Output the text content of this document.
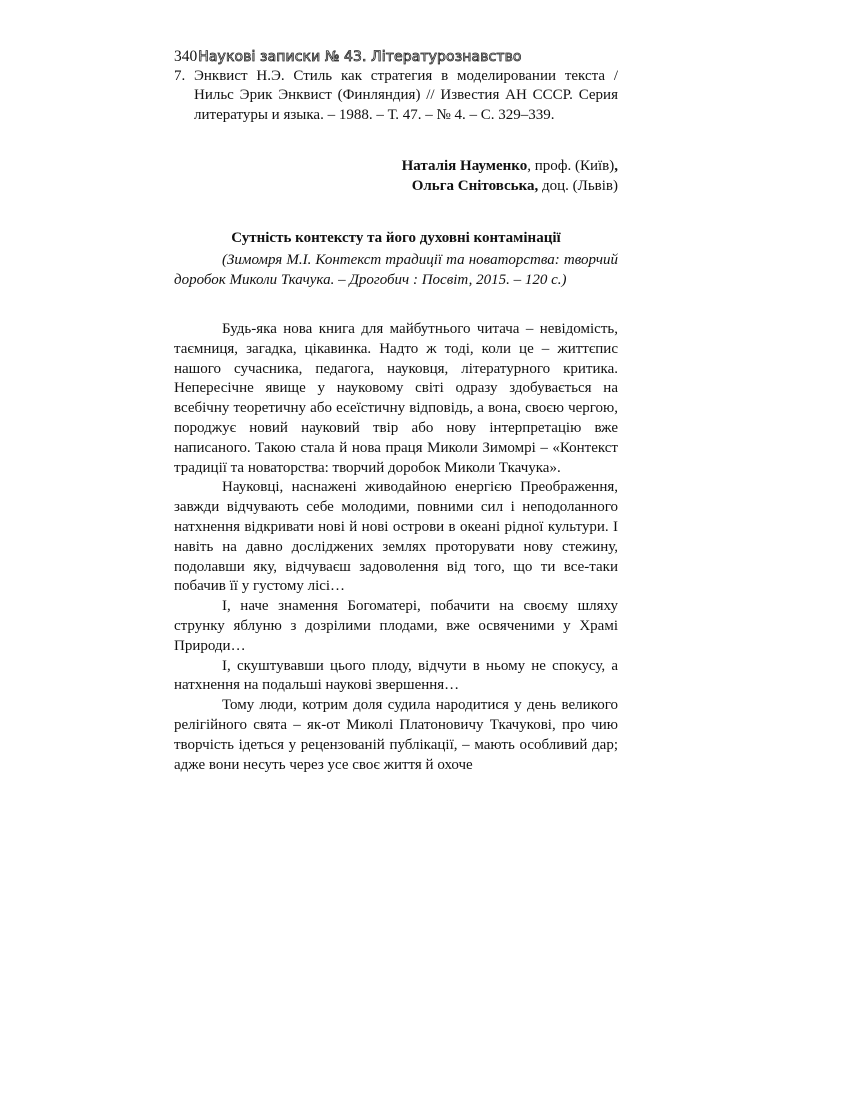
340Наукові записки № 43. Літературознавство
7. Энквист Н.Э. Стиль как стратегия в моделировании текста / Нильс Эрик Энквист (Финляндия) // Известия АН СССР. Серия литературы и языка. – 1988. – Т. 47. – № 4. – С. 329–339.
Наталія Науменко, проф. (Київ),
Ольга Снітовська, доц. (Львів)
Сутність контексту та його духовні контамінації
(Зимомря М.І. Контекст традиції та новаторства: творчий доробок Миколи Ткачука. – Дрогобич : Посвіт, 2015. – 120 с.)

Будь-яка нова книга для майбутнього читача – невідомість, таємниця, загадка, цікавинка. Надто ж тоді, коли це – життєпис нашого сучасника, педагога, науковця, літературного критика. Непересічне явище у науковому світі одразу здобувається на всебічну теоретичну або есеїстичну відповідь, а вона, своєю чергою, породжує новий науковий твір або нову інтерпретацію вже написаного. Такою стала й нова праця Миколи Зимомрі – «Контекст традиції та новаторства: творчий доробок Миколи Ткачука».

Науковці, наснажені живодайною енергією Преображення, завжди відчувають себе молодими, повними сил і неподоланного натхнення відкривати нові й нові острови в океані рідної культури. І навіть на давно досліджених землях проторувати нову стежину, подолавши яку, відчуваєш задоволення від того, що ти все-таки побачив її у густому лісі…

І, наче знамення Богоматері, побачити на своєму шляху струнку яблуню з дозрілими плодами, вже освяченими у Храмі Природи…

І, скуштувавши цього плоду, відчути в ньому не спокусу, а натхнення на подальші наукові звершення…

Тому люди, котрим доля судила народитися у день великого релігійного свята – як-от Миколі Платоновичу Ткачукові, про чию творчість ідеться у рецензованій публікації, – мають особливий дар; адже вони несуть через усе своє життя й охоче
